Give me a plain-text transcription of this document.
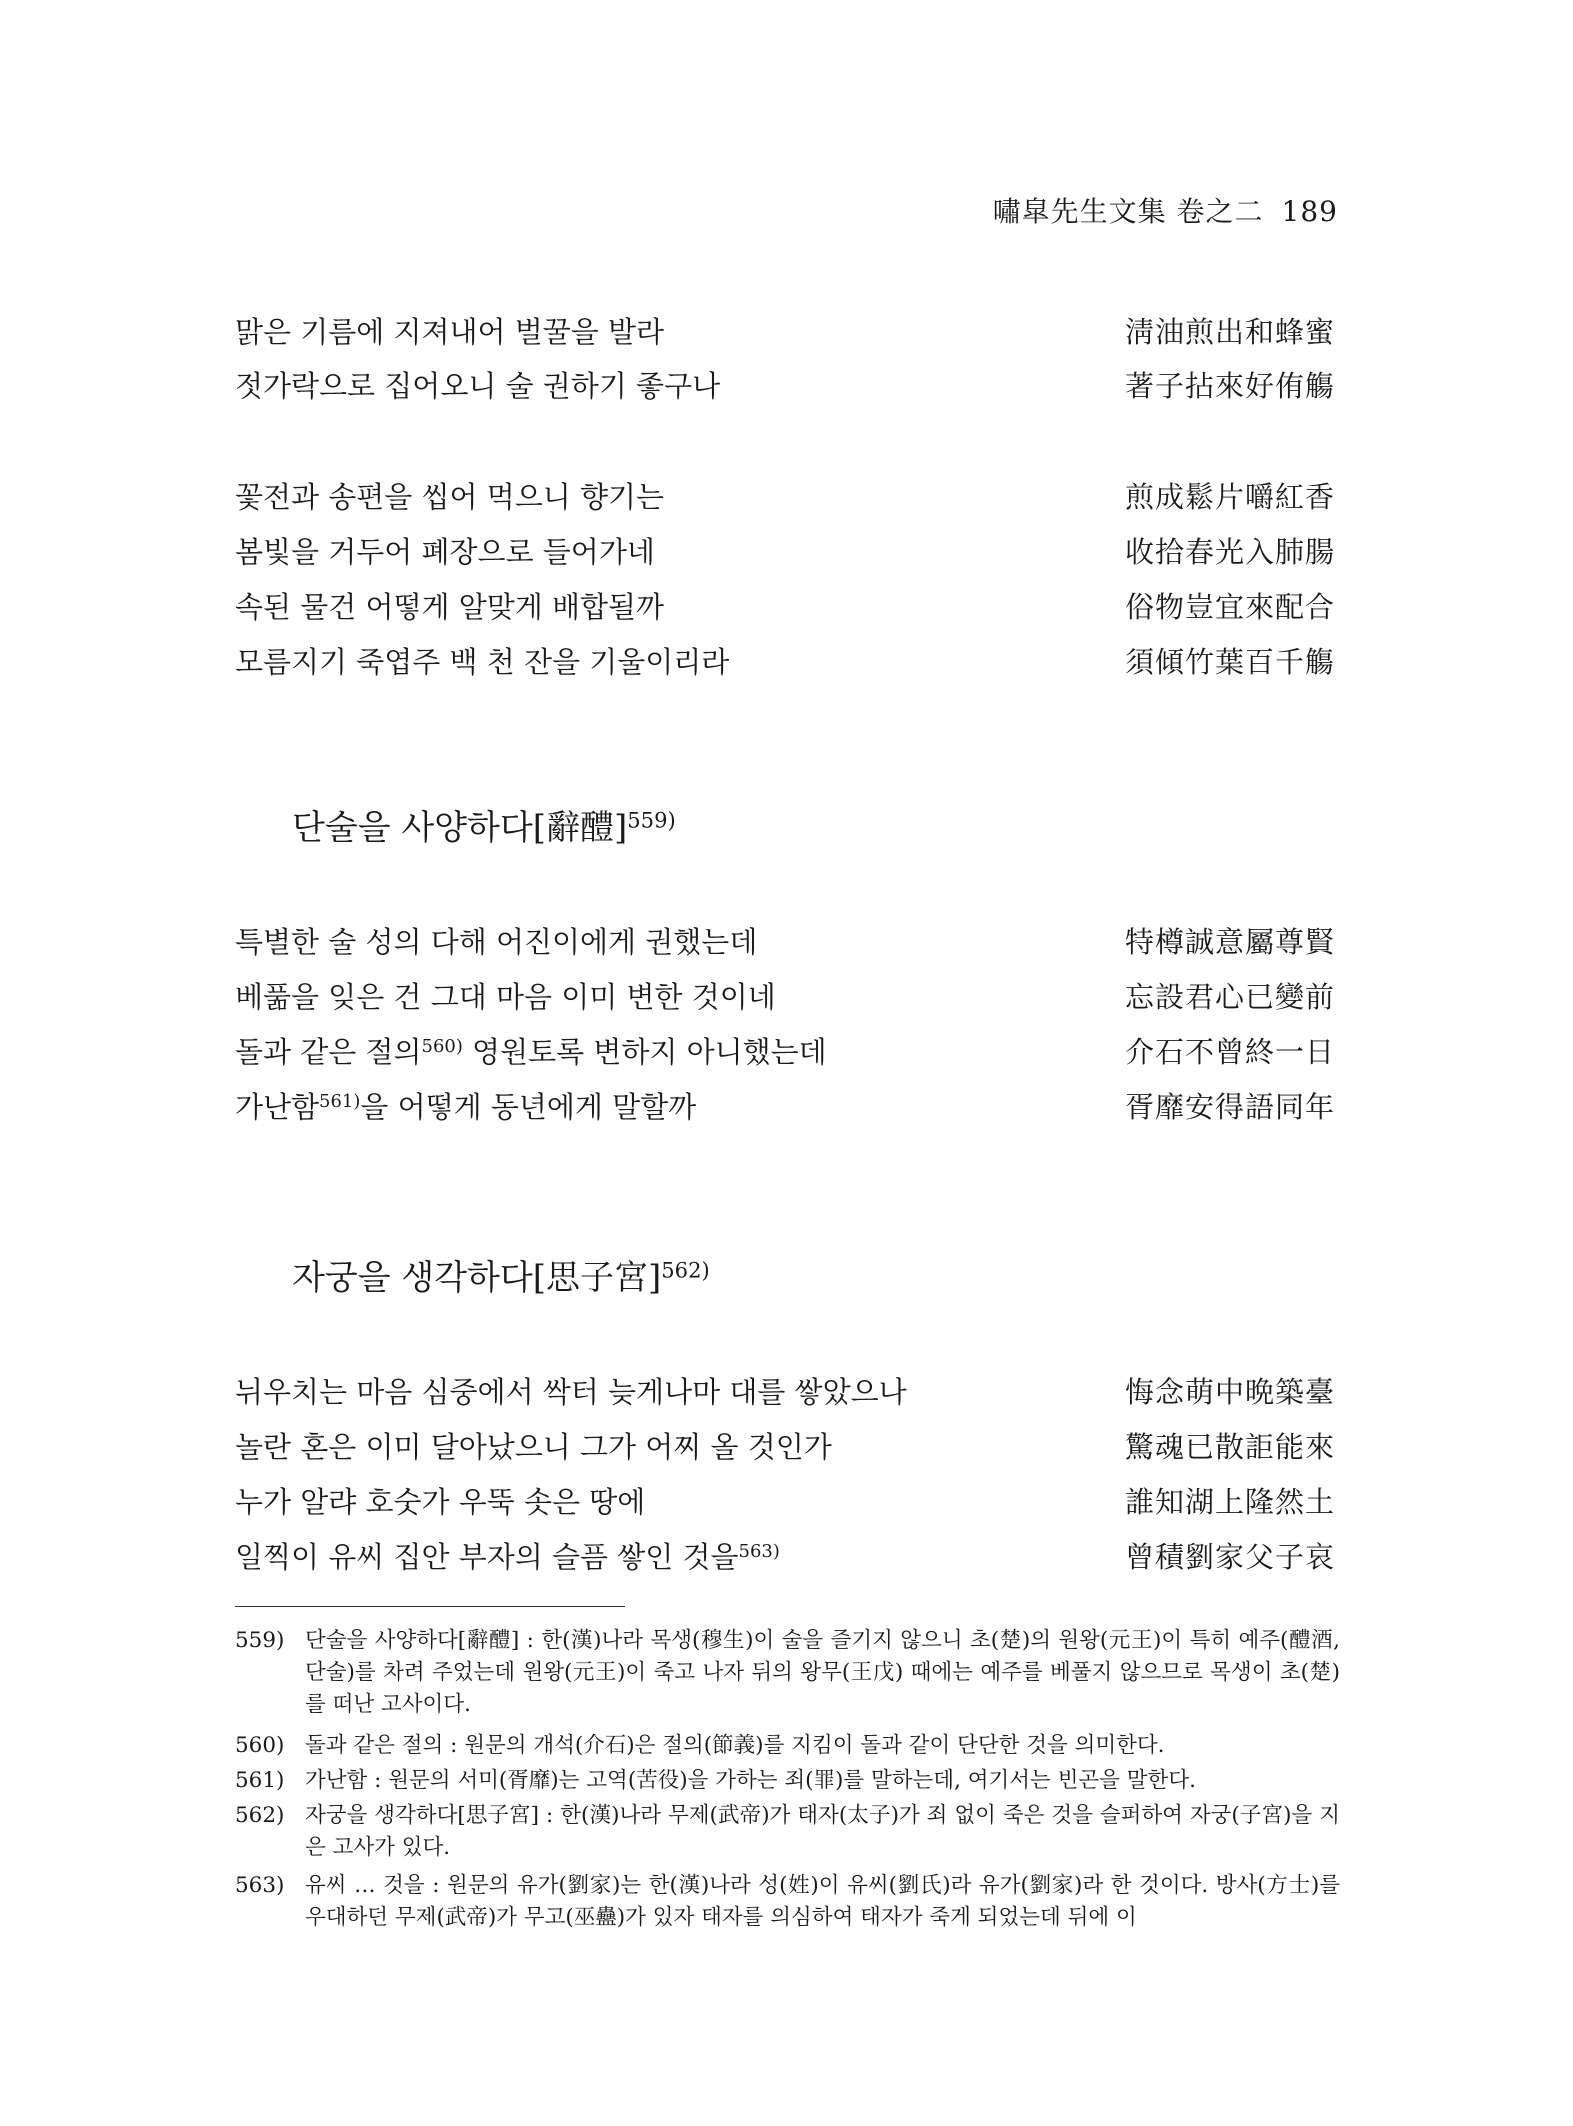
嘯皐先生文集 卷之二 189
맑은 기름에 지져내어 벌꿀을 발라	淸油煎出和蜂蜜
젓가락으로 집어오니 술 권하기 좋구나	著子拈來好侑觴
꽃전과 송편을 씹어 먹으니 향기는	煎成鬆片嚼紅香
봄빛을 거두어 폐장으로 들어가네	收拾春光入肺腸
속된 물건 어떻게 알맞게 배합될까	俗物豈宜來配合
모름지기 죽엽주 백 천 잔을 기울이리라	須傾竹葉百千觴
단술을 사양하다[辭醴]$^{559)}$
특별한 술 성의 다해 어진이에게 권했는데	特樽誠意屬尊賢
베풂을 잊은 건 그대 마음 이미 변한 것이네	忘設君心已變前
돌과 같은 절의$^{560)}$ 영원토록 변하지 아니했는데	介石不曾終一日
가난함$^{561)}$을 어떻게 동년에게 말할까	胥靡安得語同年
자궁을 생각하다[思子宮]$^{562)}$
뉘우치는 마음 심중에서 싹터 늦게나마 대를 쌓았으나	悔念萌中晩築臺
놀란 혼은 이미 달아났으니 그가 어찌 올 것인가	驚魂已散詎能來
누가 알랴 호숫가 우뚝 솟은 땅에	誰知湖上隆然土
일찍이 유씨 집안 부자의 슬픔 쌓인 것을$^{563)}$	曾積劉家父子哀
559) 단술을 사양하다[辭醴] : 한(漢)나라 목생(穆生)이 술을 즐기지 않으니 초(楚)의 원왕(元王)이 특히 예주(醴酒,단술)를 차려 주었는데 원왕(元王)이 죽고 나자 뒤의 왕무(王戊) 때에는 예주를 베풀지 않으므로 목생이 초(楚)를 떠난 고사이다.
560) 돌과 같은 절의 : 원문의 개석(介石)은 절의(節義)를 지킴이 돌과 같이 단단한 것을 의미한다.
561) 가난함 : 원문의 서미(胥靡)는 고역(苦役)을 가하는 죄(罪)를 말하는데, 여기서는 빈곤을 말한다.
562) 자궁을 생각하다[思子宮] : 한(漢)나라 무제(武帝)가 태자(太子)가 죄 없이 죽은 것을 슬퍼하여 자궁(子宮)을 지은 고사가 있다.
563) 유씨 … 것을 : 원문의 유가(劉家)는 한(漢)나라 성(姓)이 유씨(劉氏)라 유가(劉家)라 한 것이다. 방사(方士)를 우대하던 무제(武帝)가 무고(巫蠱)가 있자 태자를 의심하여 태자가 죽게 되었는데 뒤에 이
